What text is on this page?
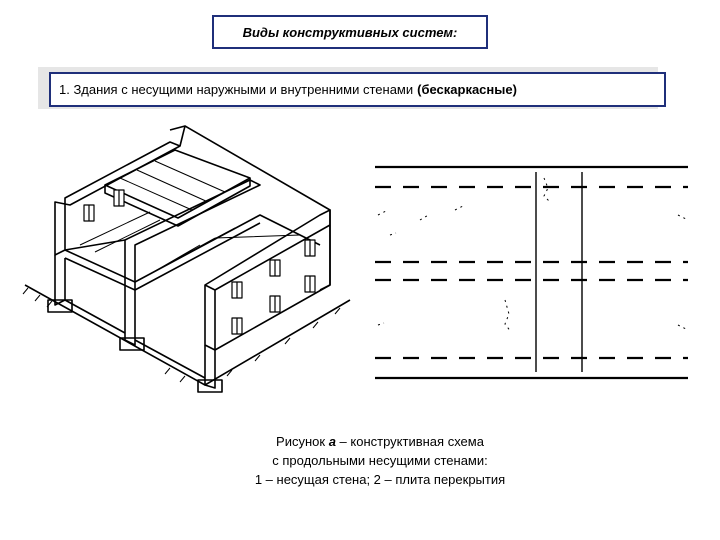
Виды конструктивных систем:
1. Здания с несущими наружными и внутренними стенами (бескаркасные)
Рисунок а – конструктивная схема
с продольными несущими стенами:
1 – несущая стена; 2 – плита перекрытия
